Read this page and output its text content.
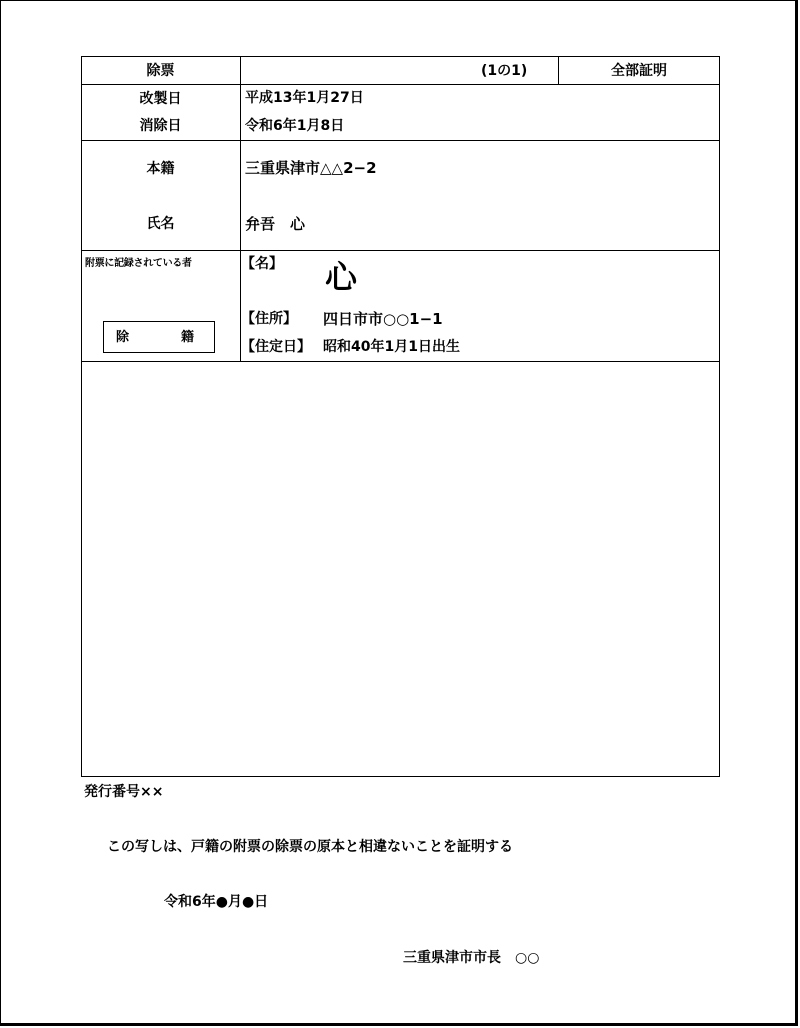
除票	(1の1)	全部証明
改製日	平成13年1月27日
消除日	令和6年1月8日
本籍	三重県津市△△2−2
氏名	弁吾　心
附票に記録されている者
除	籍
【名】 心
【住所】 四日市市○○1−1
【住定日】 昭和40年1月1日出生
発行番号××
この写しは、戸籍の附票の除票の原本と相違ないことを証明する
令和6年●月●日
三重県津市市長　○○
